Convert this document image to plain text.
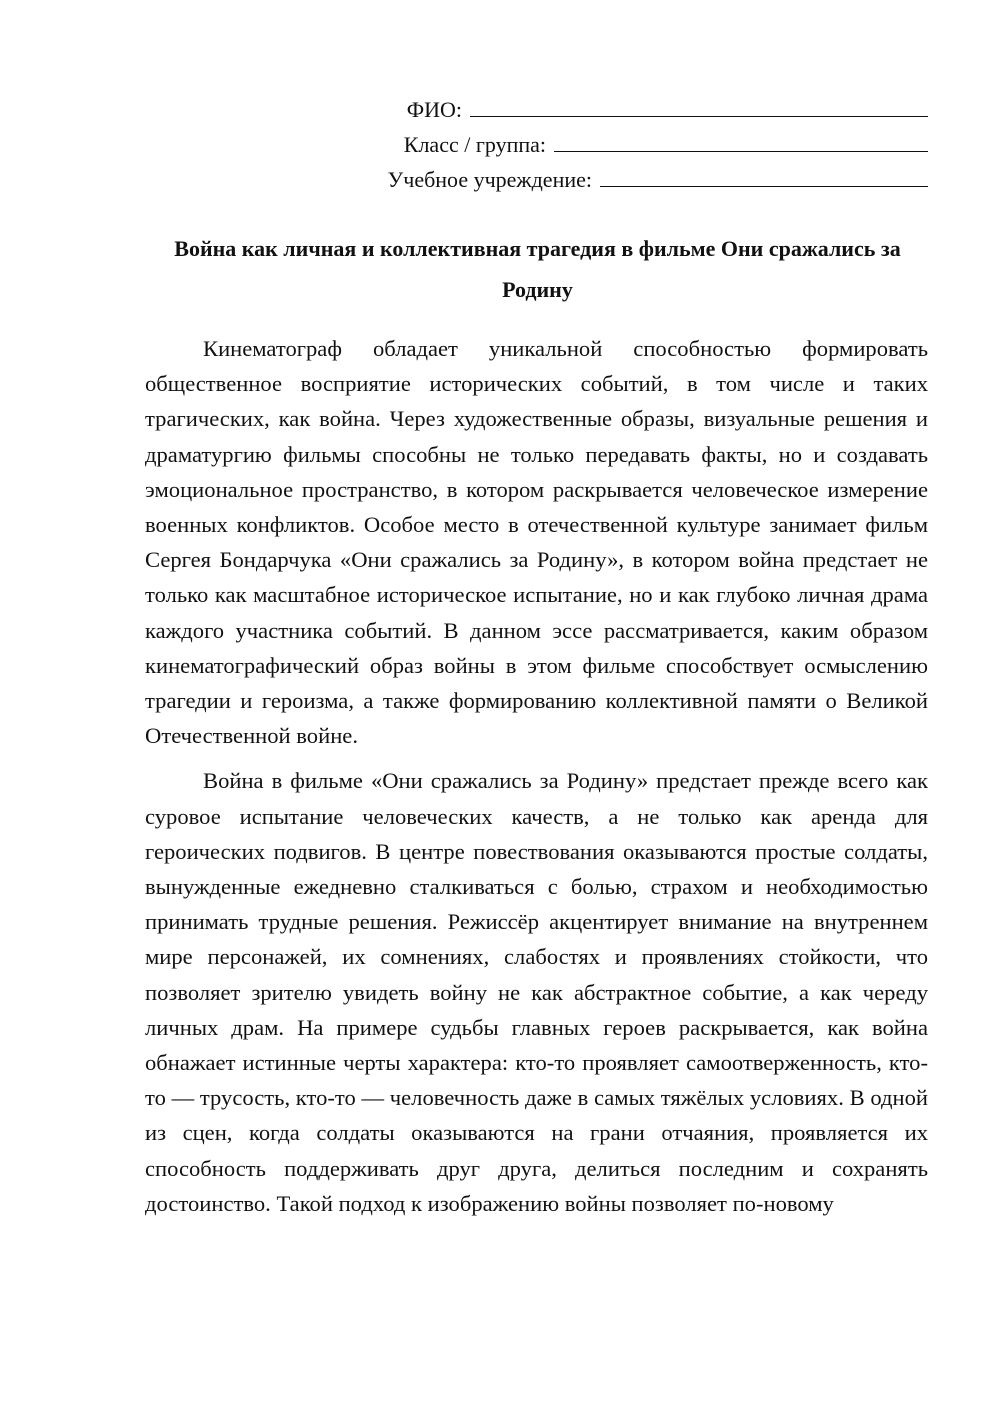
ФИО:
Класс / группа:
Учебное учреждение:
Война как личная и коллективная трагедия в фильме Они сражались за Родину

Кинематограф обладает уникальной способностью формировать общественное восприятие исторических событий, в том числе и таких трагических, как война. Через художественные образы, визуальные решения и драматургию фильмы способны не только передавать факты, но и создавать эмоциональное пространство, в котором раскрывается человеческое измерение военных конфликтов. Особое место в отечественной культуре занимает фильм Сергея Бондарчука «Они сражались за Родину», в котором война предстает не только как масштабное историческое испытание, но и как глубоко личная драма каждого участника событий. В данном эссе рассматривается, каким образом кинематографический образ войны в этом фильме способствует осмыслению трагедии и героизма, а также формированию коллективной памяти о Великой Отечественной войне.

Война в фильме «Они сражались за Родину» предстает прежде всего как суровое испытание человеческих качеств, а не только как аренда для героических подвигов. В центре повествования оказываются простые солдаты, вынужденные ежедневно сталкиваться с болью, страхом и необходимостью принимать трудные решения. Режиссёр акцентирует внимание на внутреннем мире персонажей, их сомнениях, слабостях и проявлениях стойкости, что позволяет зрителю увидеть войну не как абстрактное событие, а как череду личных драм. На примере судьбы главных героев раскрывается, как война обнажает истинные черты характера: кто-то проявляет самоотверженность, кто-то — трусость, кто-то — человечность даже в самых тяжёлых условиях. В одной из сцен, когда солдаты оказываются на грани отчаяния, проявляется их способность поддерживать друг друга, делиться последним и сохранять достоинство. Такой подход к изображению войны позволяет по-новому
